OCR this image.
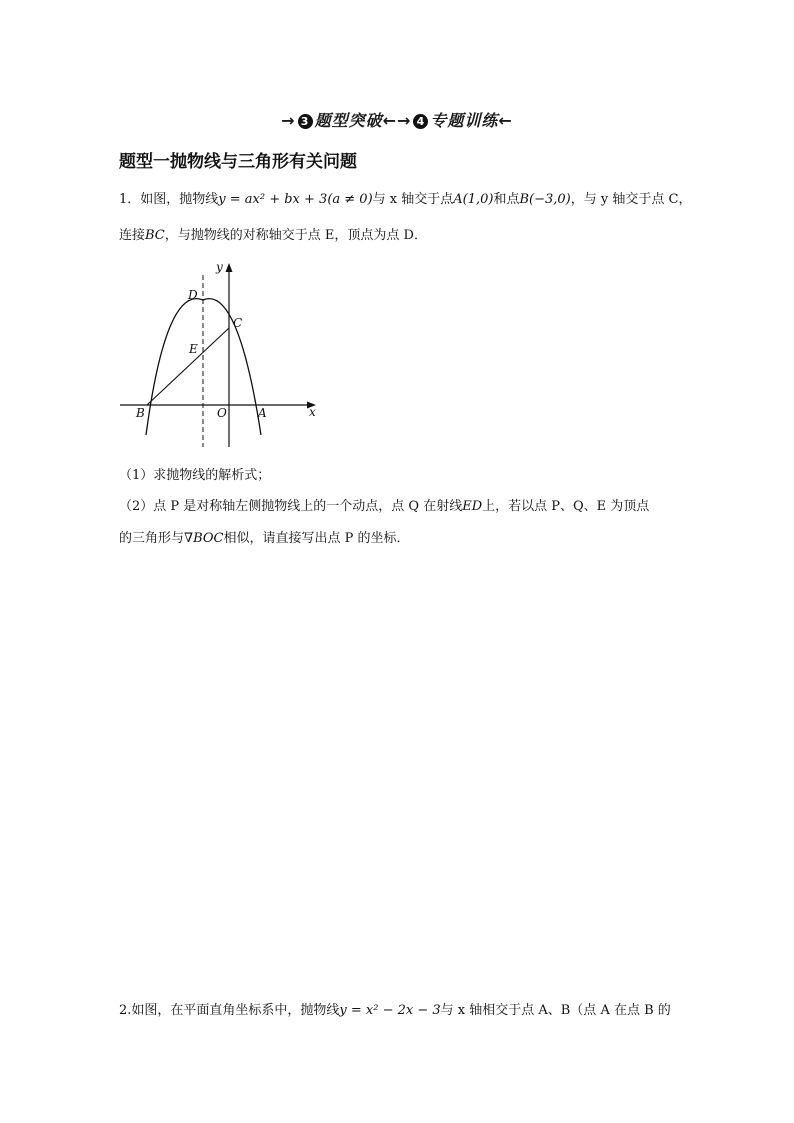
→ 3 题型突破←→ 4 专题训练←
题型一抛物线与三角形有关问题
1．如图，抛物线y = ax² + bx + 3(a ≠ 0)与 x 轴交于点A(1,0)和点B(−3,0)，与 y 轴交于点 C，
连接BC，与抛物线的对称轴交于点 E，顶点为点 D．
y
x
D
C
E
B	O	A
（1）求抛物线的解析式；
（2）点 P 是对称轴左侧抛物线上的一个动点，点 Q 在射线ED上，若以点 P、Q、E 为顶点
的三角形与∇BOC相似，请直接写出点 P 的坐标．
2.如图，在平面直角坐标系中，抛物线y = x² − 2x − 3与 x 轴相交于点 A、B（点 A 在点 B 的
